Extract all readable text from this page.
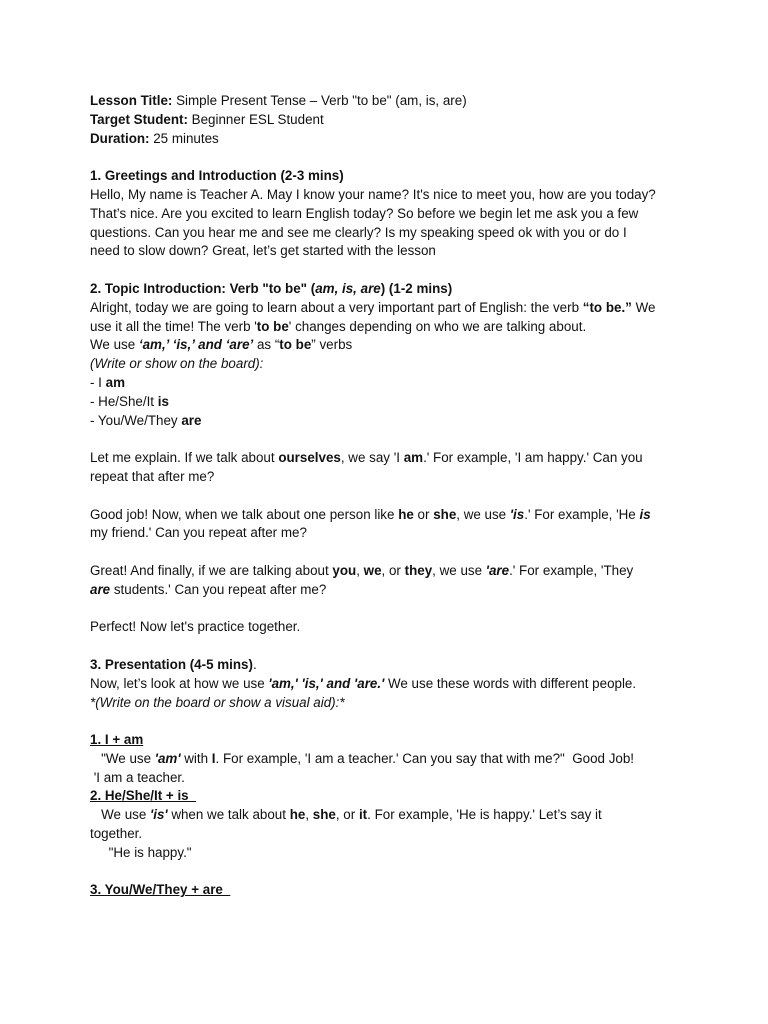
Lesson Title: Simple Present Tense – Verb "to be" (am, is, are)
Target Student: Beginner ESL Student
Duration: 25 minutes
1. Greetings and Introduction (2-3 mins)
Hello, My name is Teacher A. May I know your name? It's nice to meet you, how are you today?
That’s nice. Are you excited to learn English today? So before we begin let me ask you a few
questions. Can you hear me and see me clearly? Is my speaking speed ok with you or do I
need to slow down? Great, let’s get started with the lesson
2. Topic Introduction: Verb "to be" (am, is, are) (1-2 mins)
Alright, today we are going to learn about a very important part of English: the verb “to be.” We
use it all the time! The verb 'to be' changes depending on who we are talking about.
We use ‘am,’ ‘is,’ and ‘are’ as “to be” verbs
(Write or show on the board):
- I am
- He/She/It is
- You/We/They are
Let me explain. If we talk about ourselves, we say 'I am.' For example, 'I am happy.' Can you
repeat that after me?
Good job! Now, when we talk about one person like he or she, we use 'is.' For example, 'He is
my friend.' Can you repeat after me?
Great! And finally, if we are talking about you, we, or they, we use 'are.' For example, 'They
are students.' Can you repeat after me?
Perfect! Now let's practice together.
3. Presentation (4-5 mins).
Now, let’s look at how we use 'am,' 'is,' and 'are.' We use these words with different people.
*(Write on the board or show a visual aid):*
1. I + am
"We use 'am' with I. For example, 'I am a teacher.' Can you say that with me?"  Good Job!
'I am a teacher.
2. He/She/It + is
We use 'is' when we talk about he, she, or it. For example, 'He is happy.' Let’s say it
together.
"He is happy."
3. You/We/They + are
